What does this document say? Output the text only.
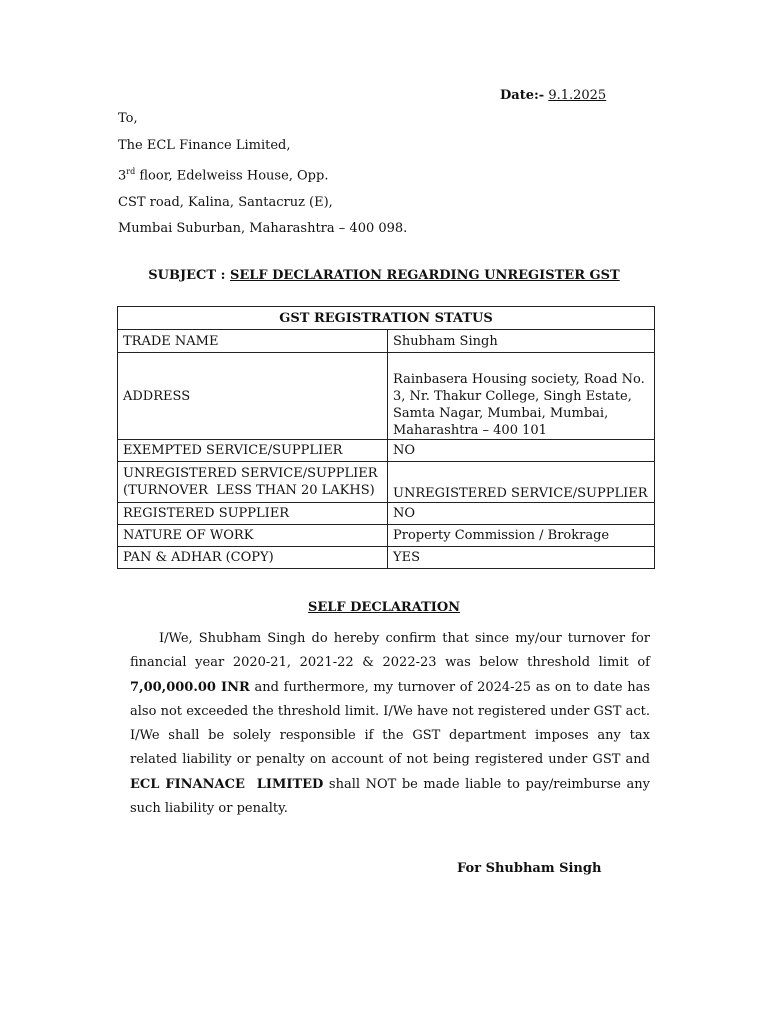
Date:- 9.1.2025
To,
The ECL Finance Limited,
3rd floor, Edelweiss House, Opp.
CST road, Kalina, Santacruz (E),
Mumbai Suburban, Maharashtra – 400 098.
SUBJECT : SELF DECLARATION REGARDING UNREGISTER GST
GST REGISTRATION STATUS	
TRADE NAME	Shubham Singh
ADDRESS	Rainbasera Housing society, Road No. 3, Nr. Thakur College, Singh Estate, Samta Nagar, Mumbai, Mumbai, Maharashtra – 400 101
EXEMPTED SERVICE/SUPPLIER	NO

UNREGISTERED SERVICE/SUPPLIER
(TURNOVER  LESS THAN 20 LAKHS)	UNREGISTERED SERVICE/SUPPLIER
REGISTERED SUPPLIER	NO
NATURE OF WORK	Property Commission / Brokrage
PAN & ADHAR (COPY)	YES
SELF DECLARATION

I/We, Shubham Singh do hereby confirm that since my/our turnover for financial year 2020-21, 2021-22 & 2022-23 was below threshold limit of 7,00,000.00 INR and furthermore, my turnover of 2024-25 as on to date has also not exceeded the threshold limit. I/We have not registered under GST act. I/We shall be solely responsible if the GST department imposes any tax related liability or penalty on account of not being registered under GST and ECL FINANACE  LIMITED shall NOT be made liable to pay/reimburse any such liability or penalty.

For Shubham Singh
